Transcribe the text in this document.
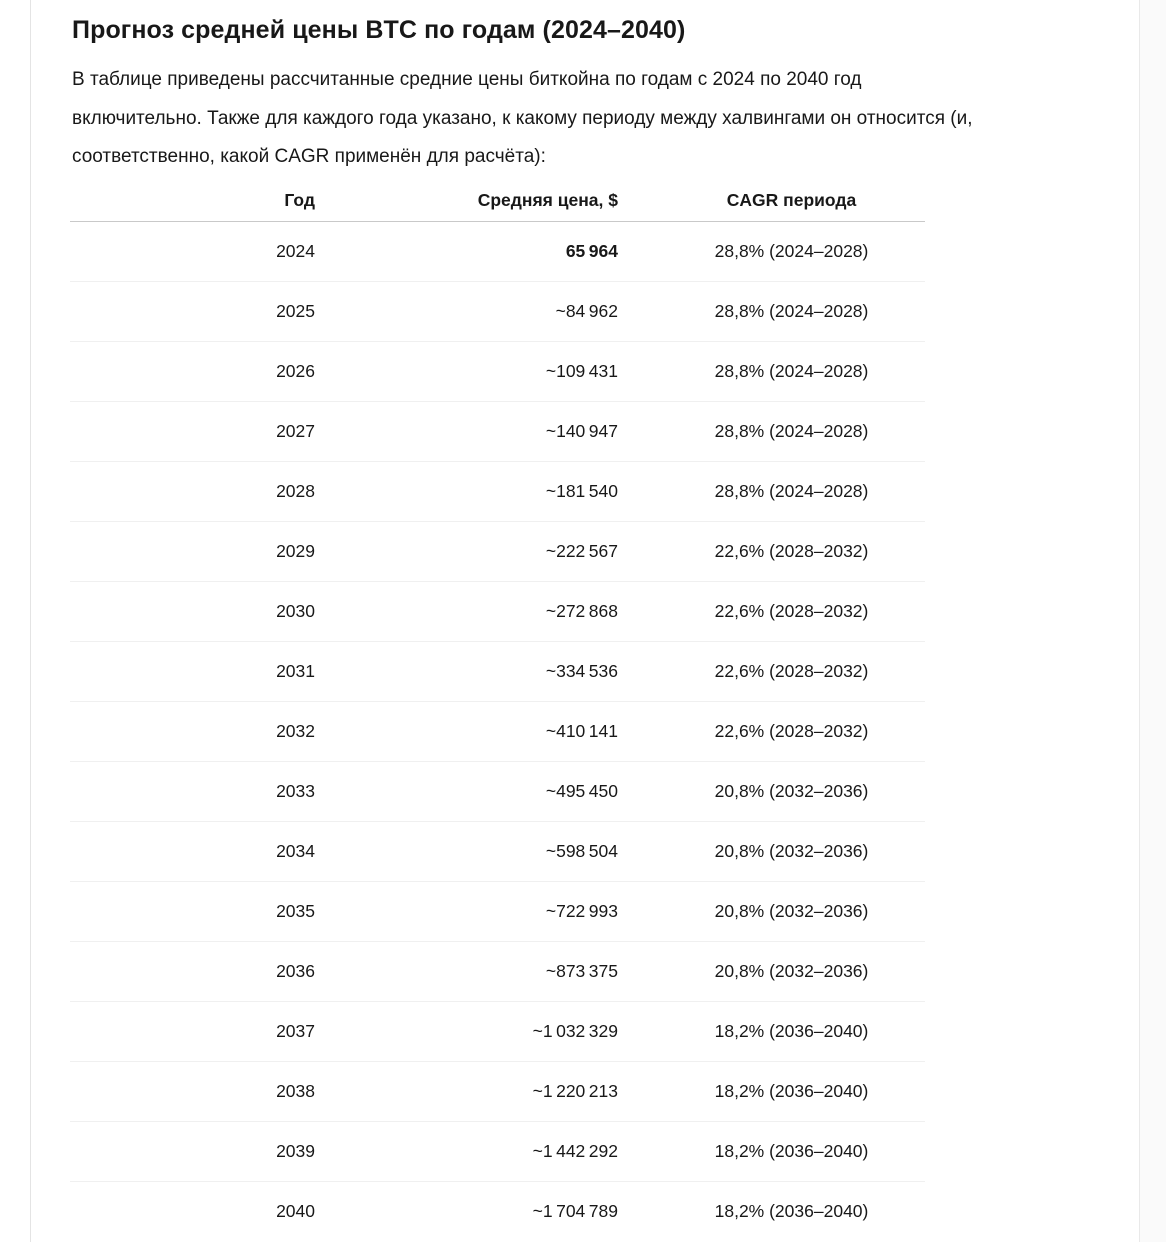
Прогноз средней цены BTC по годам (2024–2040)
В таблице приведены рассчитанные средние цены биткойна по годам с 2024 по 2040 год
включительно. Также для каждого года указано, к какому периоду между халвингами он относится (и,
соответственно, какой CAGR применён для расчёта):
Год	Средняя цена, $	CAGR периода
2024	65 964	28,8% (2024–2028)
2025	~84 962	28,8% (2024–2028)
2026	~109 431	28,8% (2024–2028)
2027	~140 947	28,8% (2024–2028)
2028	~181 540	28,8% (2024–2028)
2029	~222 567	22,6% (2028–2032)
2030	~272 868	22,6% (2028–2032)
2031	~334 536	22,6% (2028–2032)
2032	~410 141	22,6% (2028–2032)
2033	~495 450	20,8% (2032–2036)
2034	~598 504	20,8% (2032–2036)
2035	~722 993	20,8% (2032–2036)
2036	~873 375	20,8% (2032–2036)
2037	~1 032 329	18,2% (2036–2040)
2038	~1 220 213	18,2% (2036–2040)
2039	~1 442 292	18,2% (2036–2040)
2040	~1 704 789	18,2% (2036–2040)
